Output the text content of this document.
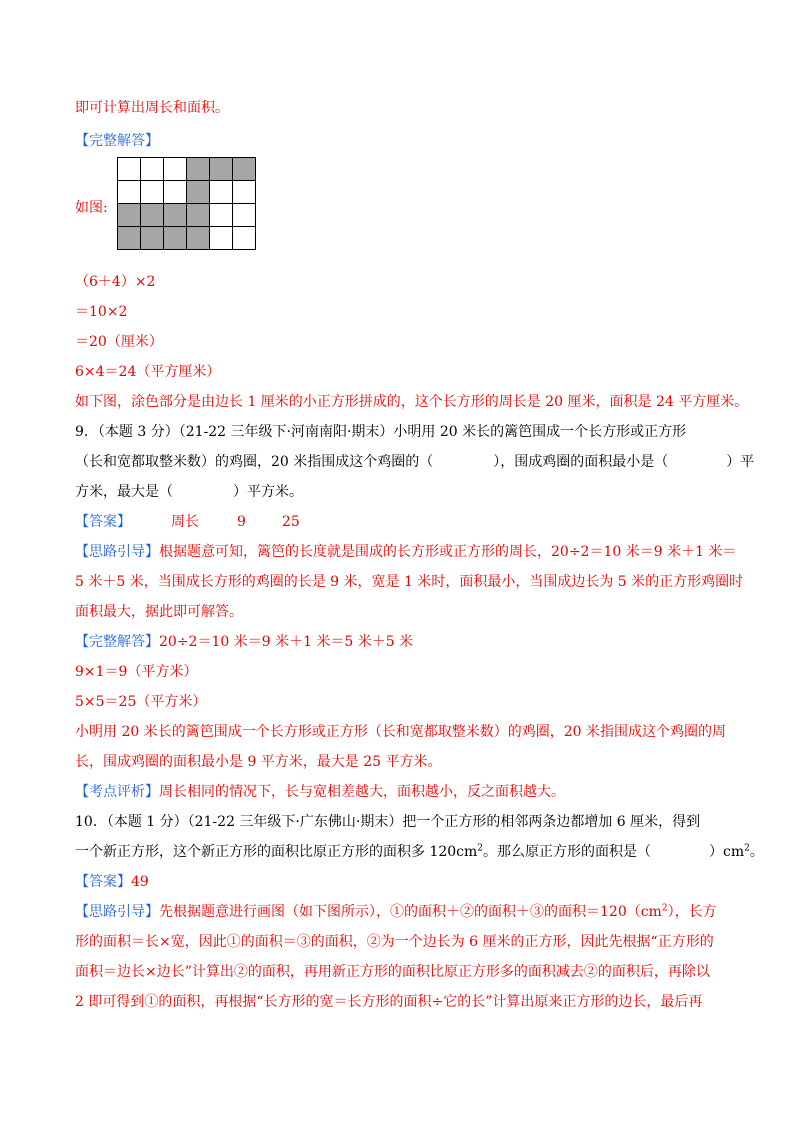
即可计算出周长和面积。
【完整解答】
如图:

（6＋4）×2
＝10×2
＝20（厘米）
6×4＝24（平方厘米）
如下图，涂色部分是由边长 1 厘米的小正方形拼成的，这个长方形的周长是 20 厘米，面积是 24 平方厘米。
9．（本题 3 分）（21-22 三年级下·河南南阳·期末）小明用 20 米长的篱笆围成一个长方形或正方形
（长和宽都取整米数）的鸡圈，20 米指围成这个鸡圈的（	），围成鸡圈的面积最小是（	）平
方米，最大是（	）平方米。
【答案】	周长	9	25
【思路引导】根据题意可知，篱笆的长度就是围成的长方形或正方形的周长，20÷2＝10 米＝9 米＋1 米＝
5 米＋5 米，当围成长方形的鸡圈的长是 9 米，宽是 1 米时，面积最小，当围成边长为 5 米的正方形鸡圈时
面积最大，据此即可解答。
【完整解答】20÷2＝10 米＝9 米＋1 米＝5 米＋5 米
9×1＝9（平方米）
5×5＝25（平方米）
小明用 20 米长的篱笆围成一个长方形或正方形（长和宽都取整米数）的鸡圈，20 米指围成这个鸡圈的周
长，围成鸡圈的面积最小是 9 平方米，最大是 25 平方米。
【考点评析】周长相同的情况下，长与宽相差越大，面积越小，反之面积越大。
10．（本题 1 分）（21-22 三年级下·广东佛山·期末）把一个正方形的相邻两条边都增加 6 厘米，得到
一个新正方形，这个新正方形的面积比原正方形的面积多 $120cm^2$。那么原正方形的面积是（	）$cm^2$。
【答案】49
【思路引导】先根据题意进行画图（如下图所示），①的面积＋②的面积＋③的面积$=120(cm^2)$，长方
形的面积＝长×宽，因此①的面积＝③的面积，②为一个边长为 6 厘米的正方形，因此先根据“正方形的
面积＝边长×边长”计算出②的面积，再用新正方形的面积比原正方形多的面积减去②的面积后，再除以
2 即可得到①的面积，再根据“长方形的宽＝长方形的面积÷它的长”计算出原来正方形的边长，最后再
